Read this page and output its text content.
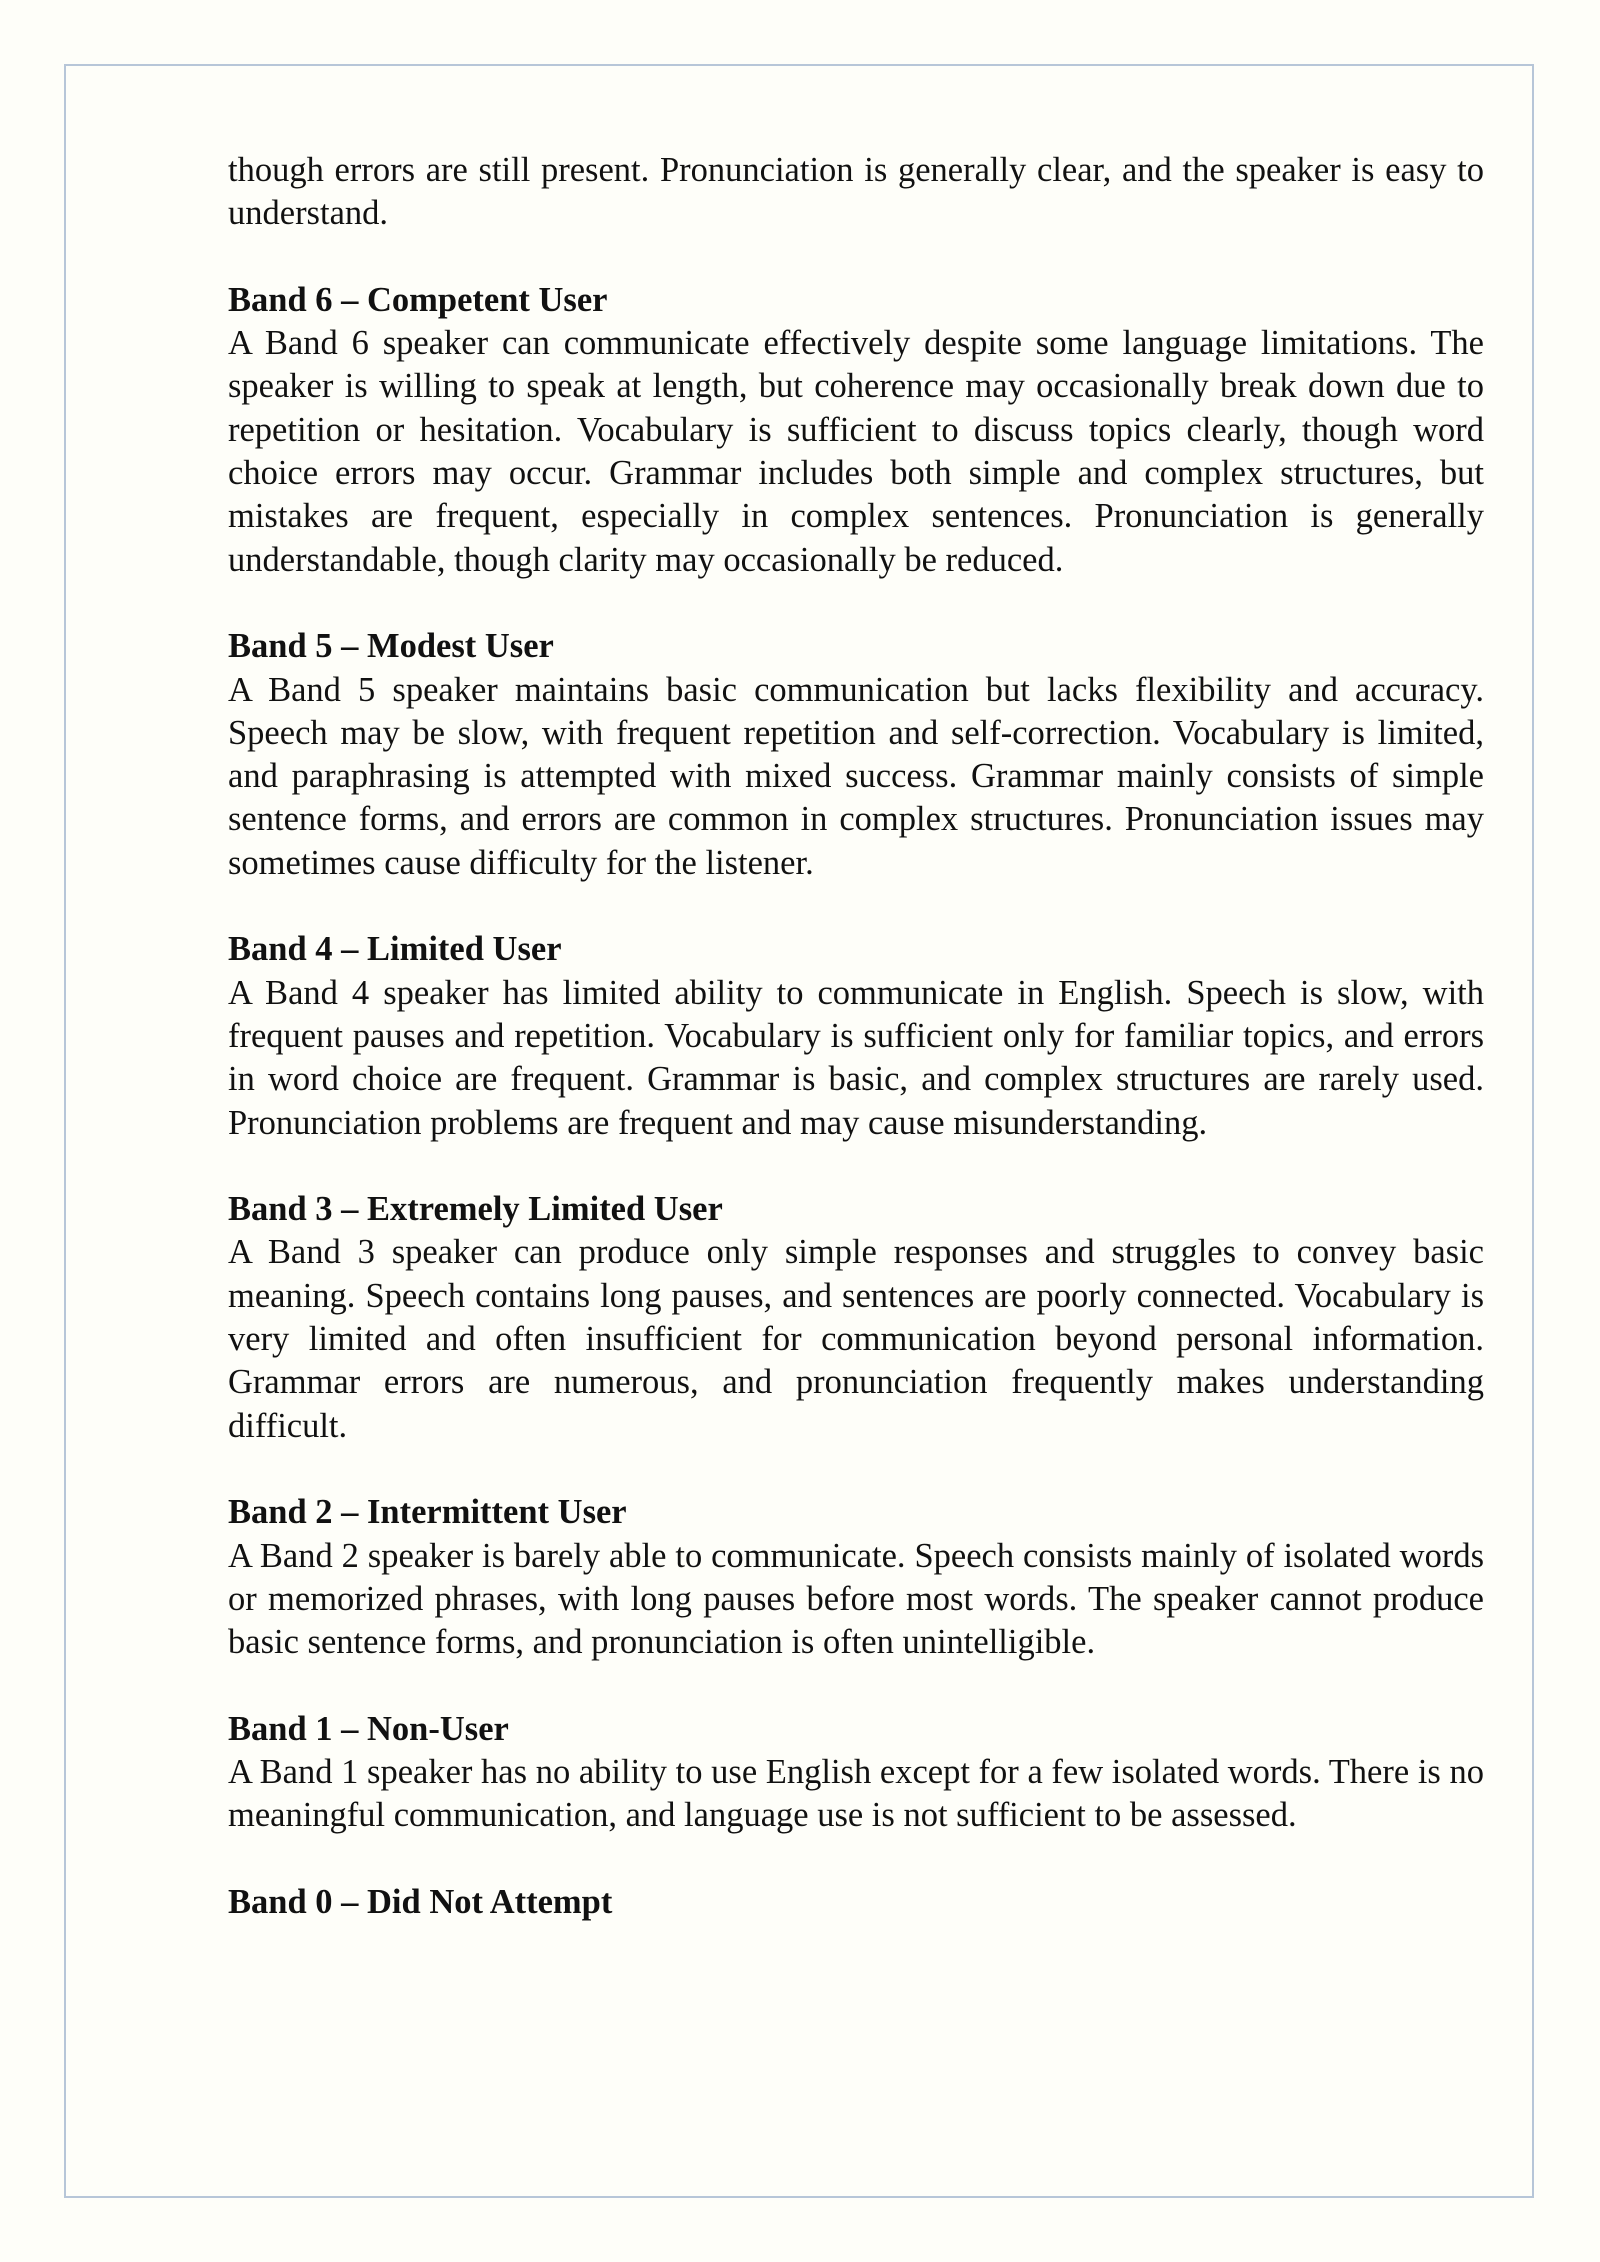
though errors are still present. Pronunciation is generally clear, and the speaker is easy to understand.

Band 6 – Competent User

A Band 6 speaker can communicate effectively despite some language limitations. The speaker is willing to speak at length, but coherence may occasionally break down due to repetition or hesitation. Vocabulary is sufficient to discuss topics clearly, though word choice errors may occur. Grammar includes both simple and complex structures, but mistakes are frequent, especially in complex sentences. Pronunciation is generally understandable, though clarity may occasionally be reduced.

Band 5 – Modest User

A Band 5 speaker maintains basic communication but lacks flexibility and accuracy. Speech may be slow, with frequent repetition and self-correction. Vocabulary is limited, and paraphrasing is attempted with mixed success. Grammar mainly consists of simple sentence forms, and errors are common in complex structures. Pronunciation issues may sometimes cause difficulty for the listener.

Band 4 – Limited User

A Band 4 speaker has limited ability to communicate in English. Speech is slow, with frequent pauses and repetition. Vocabulary is sufficient only for familiar topics, and errors in word choice are frequent. Grammar is basic, and complex structures are rarely used. Pronunciation problems are frequent and may cause misunderstanding.

Band 3 – Extremely Limited User

A Band 3 speaker can produce only simple responses and struggles to convey basic meaning. Speech contains long pauses, and sentences are poorly connected. Vocabulary is very limited and often insufficient for communication beyond personal information. Grammar errors are numerous, and pronunciation frequently makes understanding difficult.

Band 2 – Intermittent User

A Band 2 speaker is barely able to communicate. Speech consists mainly of isolated words or memorized phrases, with long pauses before most words. The speaker cannot produce basic sentence forms, and pronunciation is often unintelligible.

Band 1 – Non-User

A Band 1 speaker has no ability to use English except for a few isolated words. There is no meaningful communication, and language use is not sufficient to be assessed.

Band 0 – Did Not Attempt
